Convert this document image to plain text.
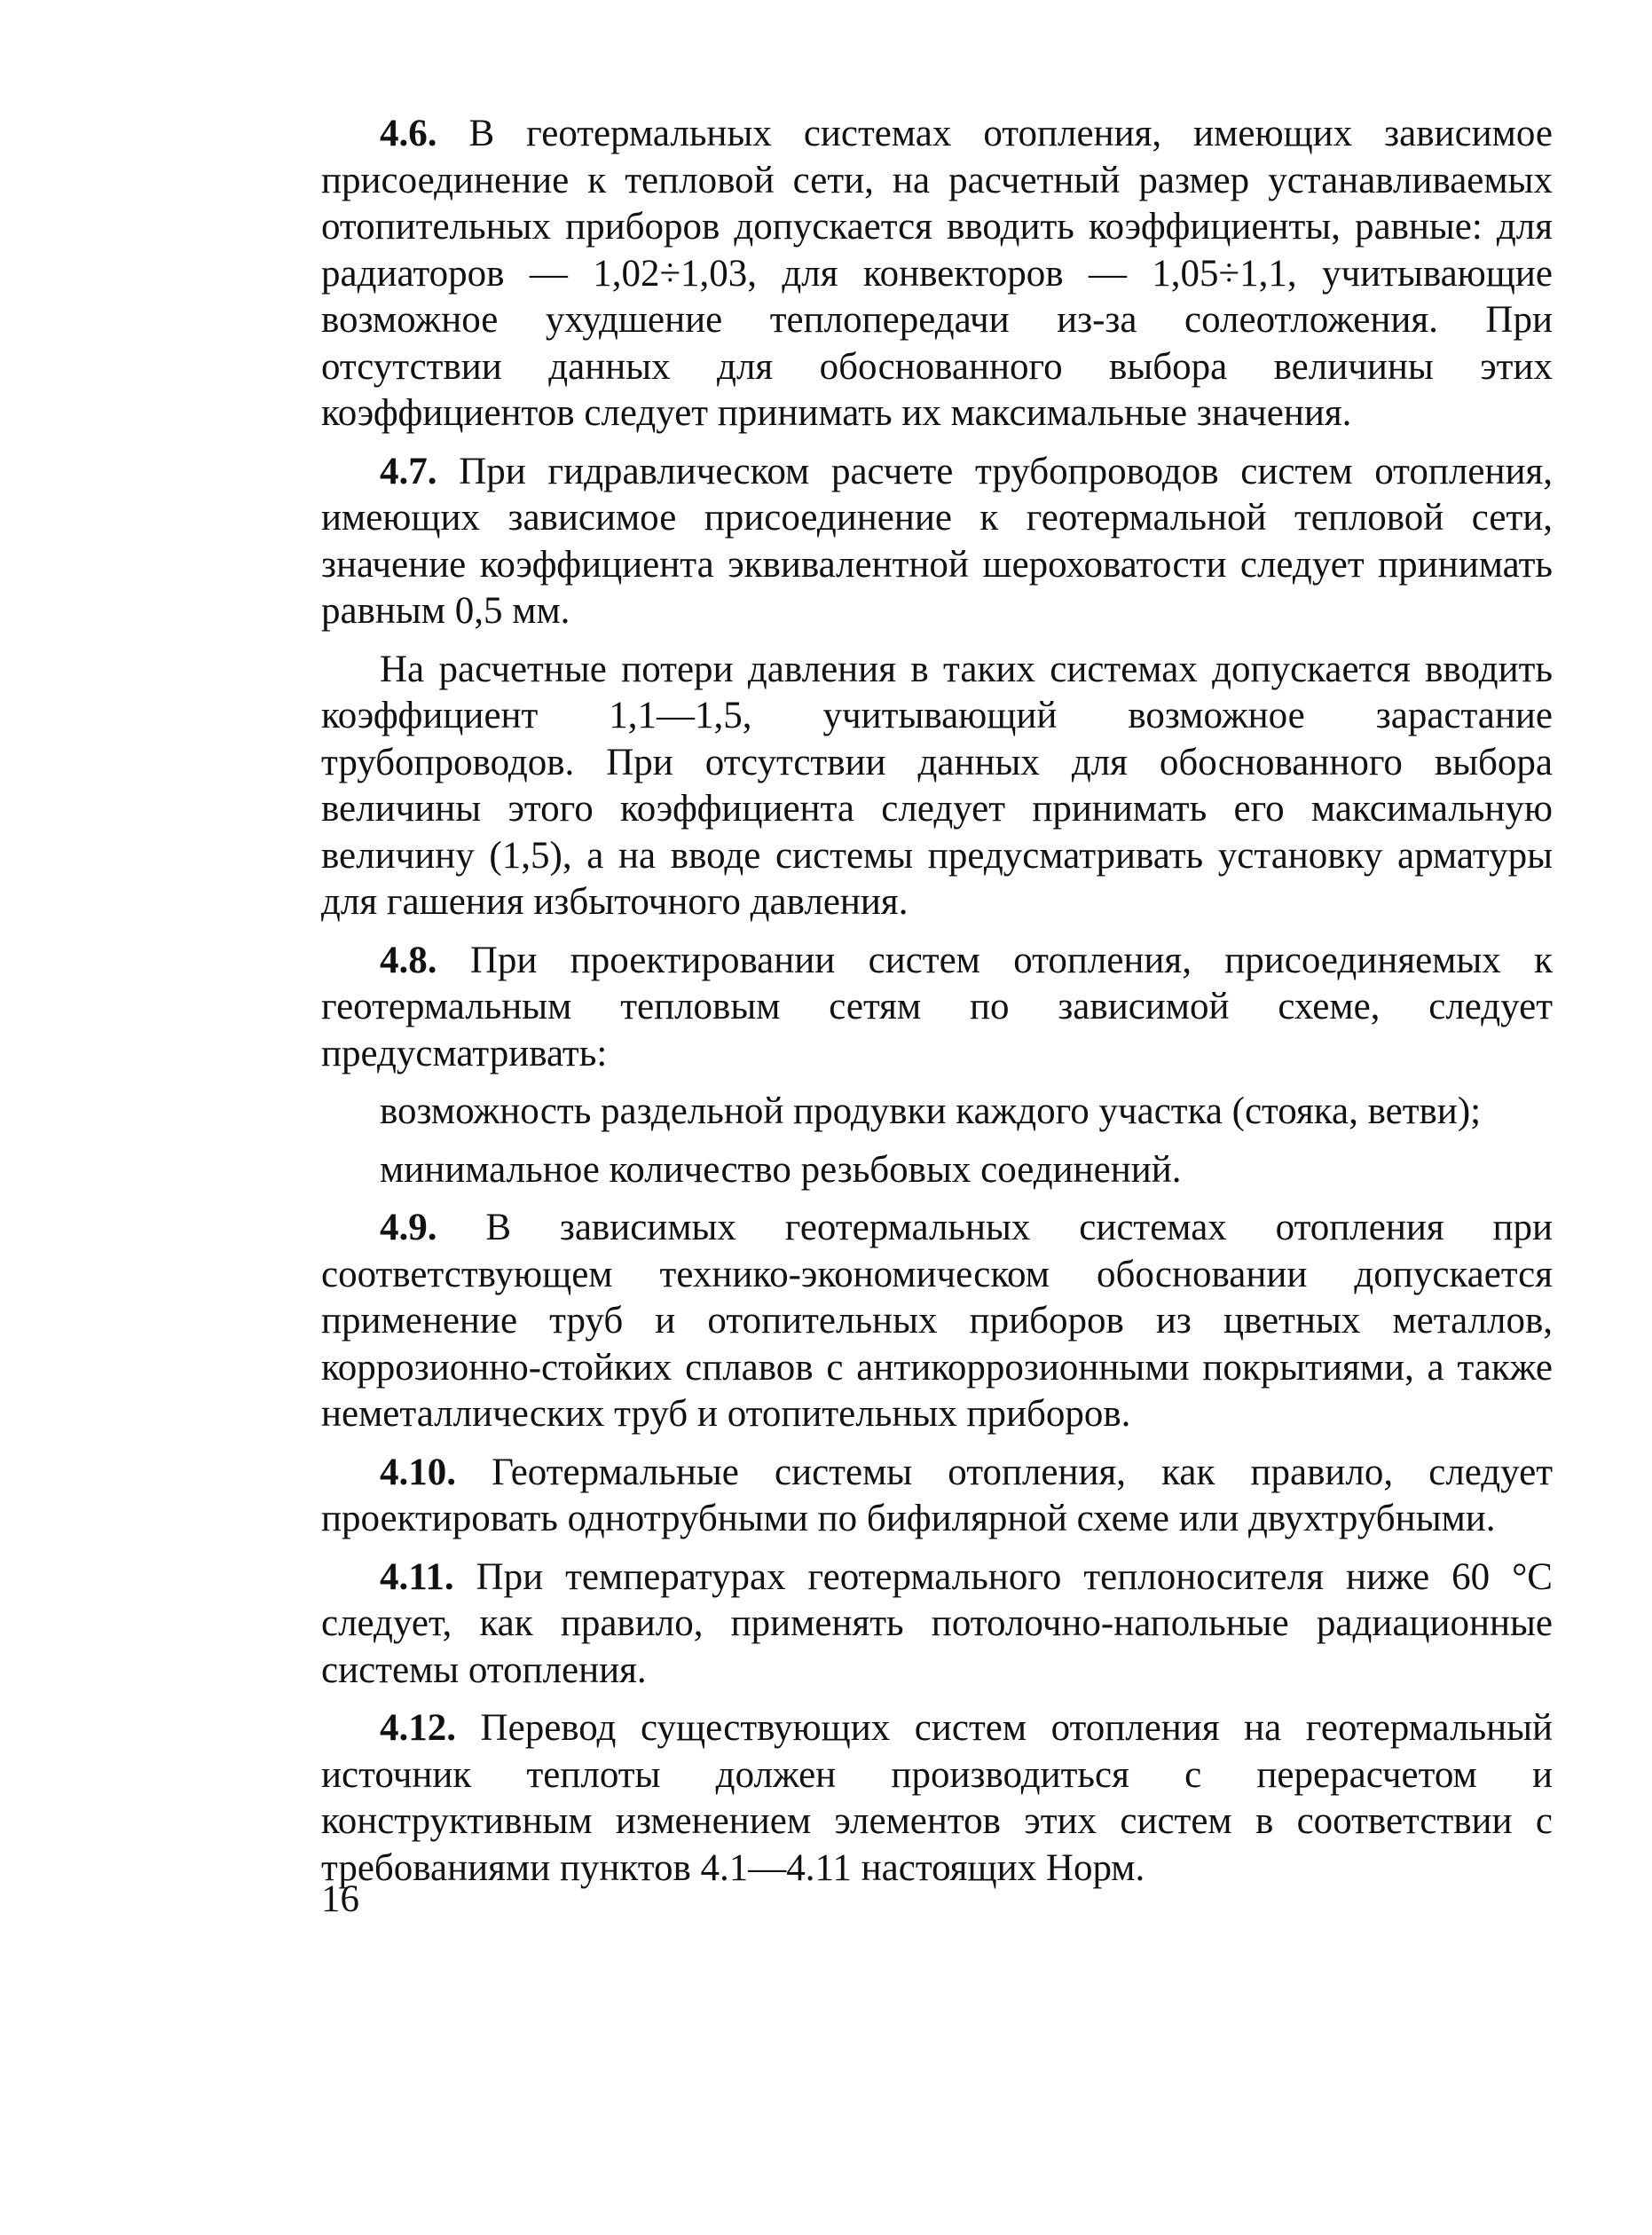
4.6. В геотермальных системах отопления, имеющих зависимое присоединение к тепловой сети, на расчетный размер устанавливаемых отопительных приборов допускается вводить коэффициенты, равные: для радиаторов — 1,02÷1,03, для конвекторов — 1,05÷1,1, учитывающие возможное ухудшение теплопередачи из-за солеотложения. При отсутствии данных для обоснованного выбора величины этих коэффициентов следует принимать их максимальные значения.

4.7. При гидравлическом расчете трубопроводов систем отопления, имеющих зависимое присоединение к геотермальной тепловой сети, значение коэффициента эквивалентной шероховатости следует принимать равным 0,5 мм.

На расчетные потери давления в таких системах допускается вводить коэффициент 1,1—1,5, учитывающий возможное зарастание трубопроводов. При отсутствии данных для обоснованного выбора величины этого коэффициента следует принимать его максимальную величину (1,5), а на вводе системы предусматривать установку арматуры для гашения избыточного давления.

4.8. При проектировании систем отопления, присоединяемых к геотермальным тепловым сетям по зависимой схеме, следует предусматривать:

возможность раздельной продувки каждого участка (стояка, ветви);

минимальное количество резьбовых соединений.

4.9. В зависимых геотермальных системах отопления при соответствующем технико-экономическом обосновании допускается применение труб и отопительных приборов из цветных металлов, коррозионно-стойких сплавов с антикоррозионными покрытиями, а также неметаллических труб и отопительных приборов.

4.10. Геотермальные системы отопления, как правило, следует проектировать однотрубными по бифилярной схеме или двухтрубными.

4.11. При температурах геотермального теплоносителя ниже 60 °С следует, как правило, применять потолочно-напольные радиационные системы отопления.

4.12. Перевод существующих систем отопления на геотермальный источник теплоты должен производиться с перерасчетом и конструктивным изменением элементов этих систем в соответствии с требованиями пунктов 4.1—4.11 настоящих Норм.

16
